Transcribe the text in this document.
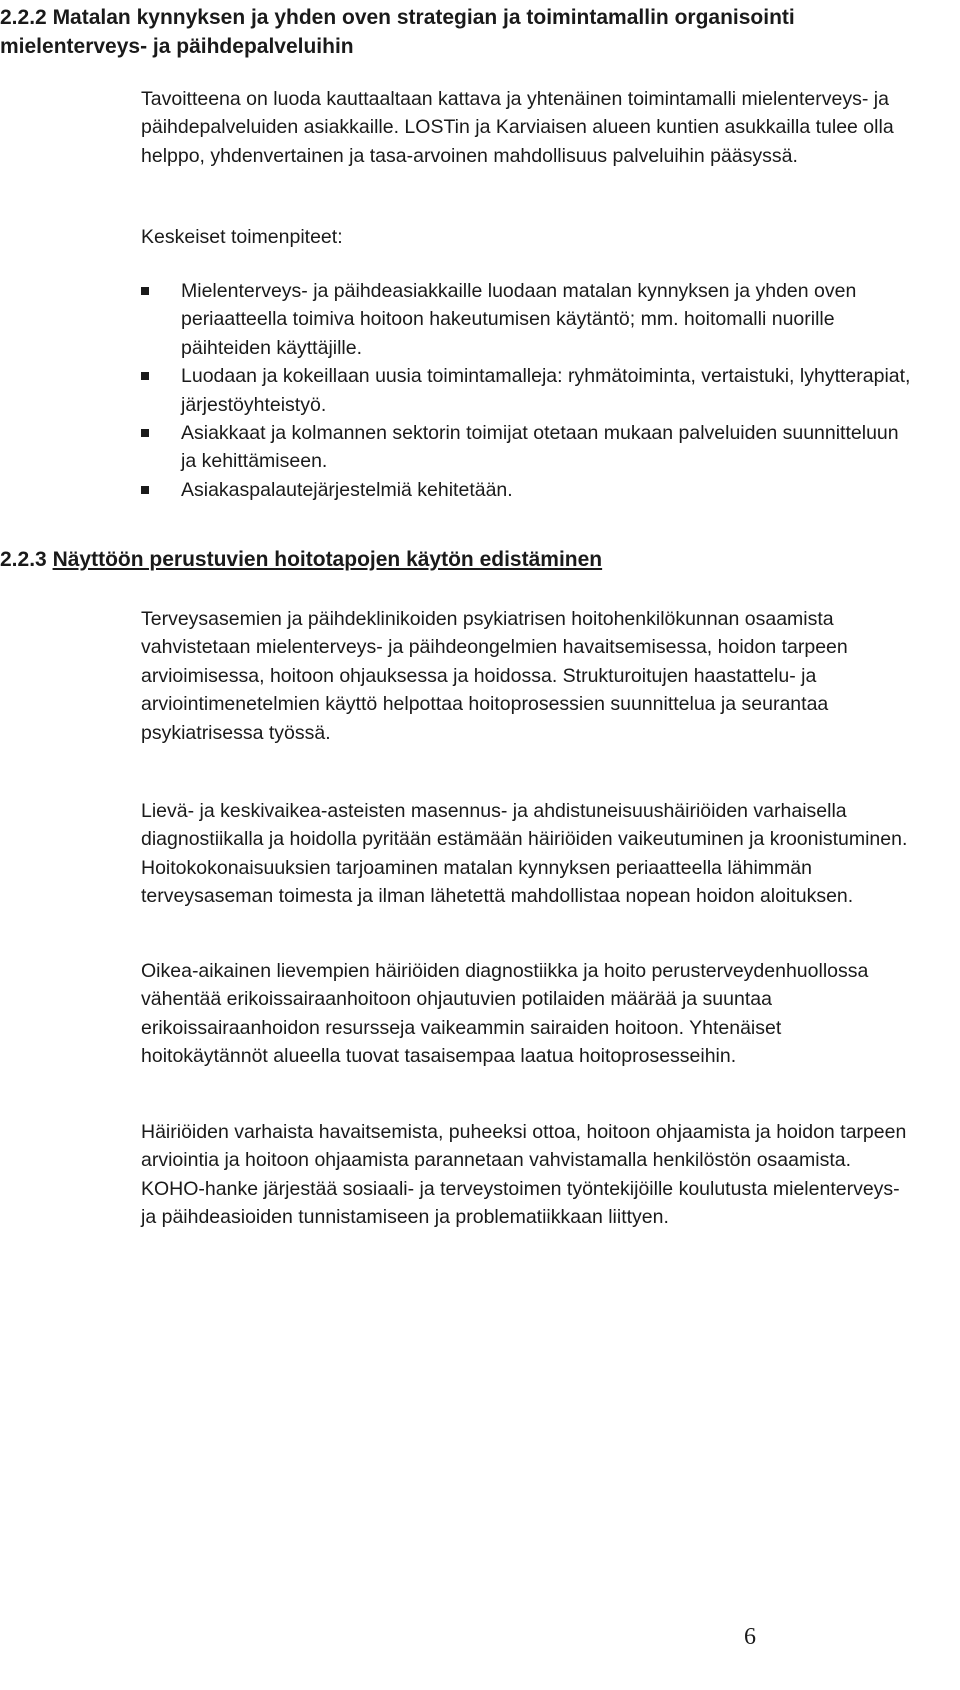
2.2.2 Matalan kynnyksen ja yhden oven strategian ja toimintamallin organisointi mielenterveys- ja päihdepalveluihin

Tavoitteena on luoda kauttaaltaan kattava ja yhtenäinen toimintamalli mielenterveys- ja päihdepalveluiden asiakkaille. LOSTin ja Karviaisen alueen kuntien asukkailla tulee olla helppo, yhdenvertainen ja tasa-arvoinen mahdollisuus palveluihin pääsyssä.

Keskeiset toimenpiteet:

Mielenterveys- ja päihdeasiakkaille luodaan matalan kynnyksen ja yhden oven periaatteella toimiva hoitoon hakeutumisen käytäntö; mm. hoitomalli nuorille päihteiden käyttäjille.
Luodaan ja kokeillaan uusia toimintamalleja: ryhmätoiminta, vertaistuki, lyhytterapiat, järjestöyhteistyö.
Asiakkaat ja kolmannen sektorin toimijat otetaan mukaan palveluiden suunnitteluun ja kehittämiseen.
Asiakaspalautejärjestelmiä kehitetään.
2.2.3 Näyttöön perustuvien hoitotapojen käytön edistäminen

Terveysasemien ja päihdeklinikoiden psykiatrisen hoitohenkilökunnan osaamista vahvistetaan mielenterveys- ja päihdeongelmien havaitsemisessa, hoidon tarpeen arvioimisessa, hoitoon ohjauksessa ja hoidossa. Strukturoitujen haastattelu- ja arviointimenetelmien käyttö helpottaa hoitoprosessien suunnittelua ja seurantaa psykiatrisessa työssä.

Lievä- ja keskivaikea-asteisten masennus- ja ahdistuneisuushäiriöiden varhaisella diagnostiikalla ja hoidolla pyritään estämään häiriöiden vaikeutuminen ja kroonistuminen. Hoitokokonaisuuksien tarjoaminen matalan kynnyksen periaatteella lähimmän terveysaseman toimesta ja ilman lähetettä mahdollistaa nopean hoidon aloituksen.

Oikea-aikainen lievempien häiriöiden diagnostiikka ja hoito perusterveydenhuollossa vähentää erikoissairaanhoitoon ohjautuvien potilaiden määrää ja suuntaa erikoissairaanhoidon resursseja vaikeammin sairaiden hoitoon. Yhtenäiset hoitokäytännöt alueella tuovat tasaisempaa laatua hoitoprosesseihin.

Häiriöiden varhaista havaitsemista, puheeksi ottoa, hoitoon ohjaamista ja hoidon tarpeen arviointia ja hoitoon ohjaamista parannetaan vahvistamalla henkilöstön osaamista. KOHO-hanke järjestää sosiaali- ja terveystoimen työntekijöille koulutusta mielenterveys- ja päihdeasioiden tunnistamiseen ja problematiikkaan liittyen.

6
